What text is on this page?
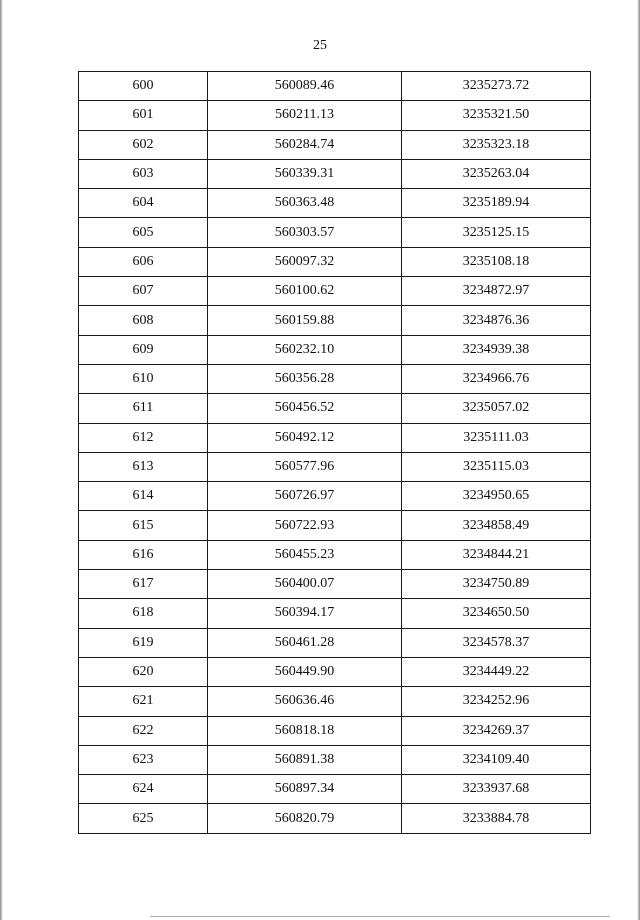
25
600	560089.46	3235273.72
601	560211.13	3235321.50
602	560284.74	3235323.18
603	560339.31	3235263.04
604	560363.48	3235189.94
605	560303.57	3235125.15
606	560097.32	3235108.18
607	560100.62	3234872.97
608	560159.88	3234876.36
609	560232.10	3234939.38
610	560356.28	3234966.76
611	560456.52	3235057.02
612	560492.12	3235111.03
613	560577.96	3235115.03
614	560726.97	3234950.65
615	560722.93	3234858.49
616	560455.23	3234844.21
617	560400.07	3234750.89
618	560394.17	3234650.50
619	560461.28	3234578.37
620	560449.90	3234449.22
621	560636.46	3234252.96
622	560818.18	3234269.37
623	560891.38	3234109.40
624	560897.34	3233937.68
625	560820.79	3233884.78
